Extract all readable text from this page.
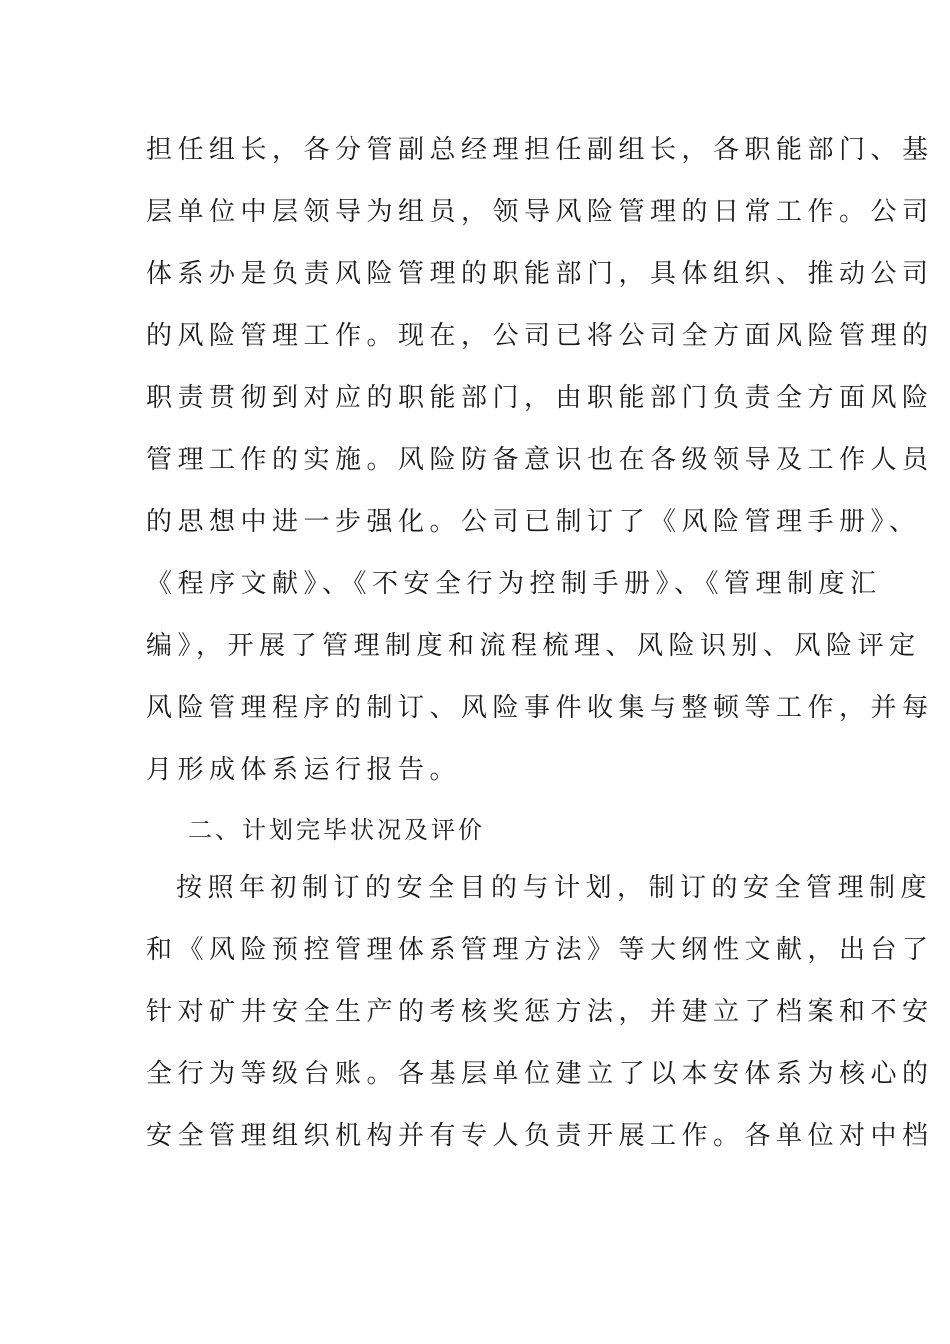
担任组长，各分管副总经理担任副组长，各职能部门、基
层单位中层领导为组员，领导风险管理的日常工作。公司
体系办是负责风险管理的职能部门，具体组织、推动公司
的风险管理工作。现在，公司已将公司全方面风险管理的
职责贯彻到对应的职能部门，由职能部门负责全方面风险
管理工作的实施。风险防备意识也在各级领导及工作人员
的思想中进一步强化。公司已制订了《风险管理手册》、
《程序文献》、《不安全行为控制手册》、《管理制度汇
编》，开展了管理制度和流程梳理、风险识别、风险评定
风险管理程序的制订、风险事件收集与整顿等工作，并每
月形成体系运行报告。
二、计划完毕状况及评价
按照年初制订的安全目的与计划，制订的安全管理制度
和《风险预控管理体系管理方法》等大纲性文献，出台了
针对矿井安全生产的考核奖惩方法，并建立了档案和不安
全行为等级台账。各基层单位建立了以本安体系为核心的
安全管理组织机构并有专人负责开展工作。各单位对中档
